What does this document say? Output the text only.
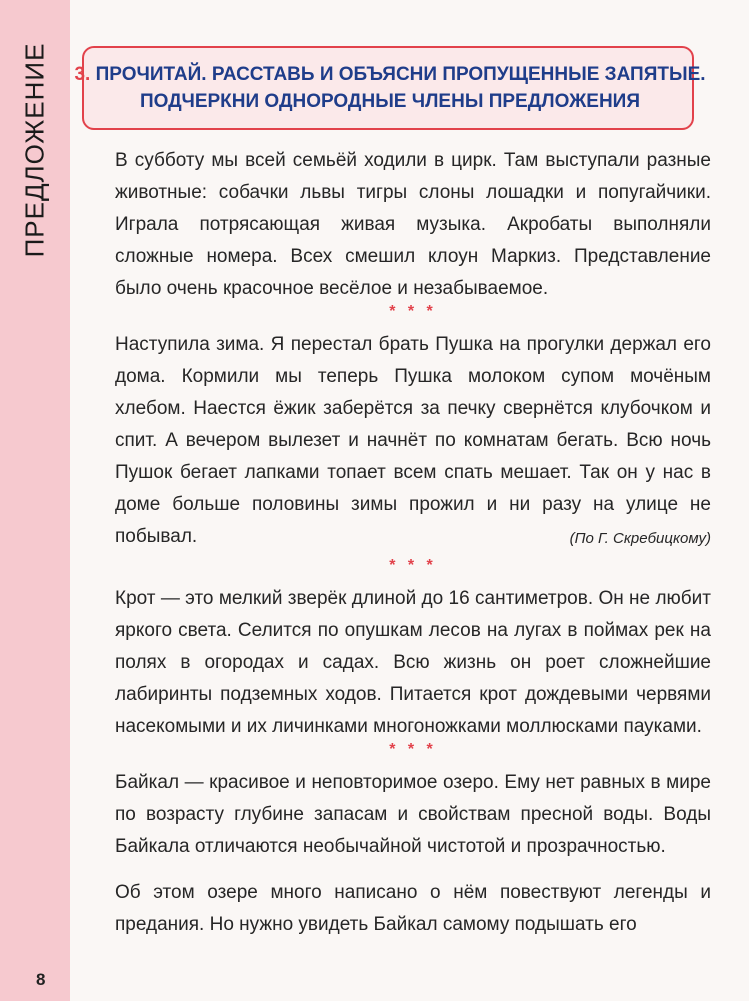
ПРЕДЛОЖЕНИЕ
8
3. ПРОЧИТАЙ. РАССТАВЬ И ОБЪЯСНИ ПРОПУЩЕННЫЕ ЗАПЯТЫЕ.
ПОДЧЕРКНИ ОДНОРОДНЫЕ ЧЛЕНЫ ПРЕДЛОЖЕНИЯ

В субботу мы всей семьёй ходили в цирк. Там выступали разные животные: собачки львы тигры слоны лошадки и попугайчики. Играла потрясающая живая музыка. Акробаты выполняли сложные номера. Всех смешил клоун Маркиз. Представление было очень красочное весёлое и незабываемое.

* * *

Наступила зима. Я перестал брать Пушка на прогулки держал его дома. Кормили мы теперь Пушка молоком супом мочёным хлебом. Наестся ёжик заберётся за печку свернётся клубочком и спит. А вечером вылезет и начнёт по комнатам бегать. Всю ночь Пушок бегает лапками топает всем спать мешает. Так он у нас в доме больше половины зимы прожил и ни разу на улице не побывал.	(По Г. Скребицкому)

* * *

Крот — это мелкий зверёк длиной до 16 сантиметров. Он не любит яркого света. Селится по опушкам лесов на лугах в поймах рек на полях в огородах и садах. Всю жизнь он роет сложнейшие лабиринты подземных ходов. Питается крот дождевыми червями насекомыми и их личинками многоножками моллюсками пауками.

* * *

Байкал — красивое и неповторимое озеро. Ему нет равных в мире по возрасту глубине запасам и свойствам пресной воды. Воды Байкала отличаются необычайной чистотой и прозрачностью.

Об этом озере много написано о нём повествуют легенды и предания. Но нужно увидеть Байкал самому подышать его
